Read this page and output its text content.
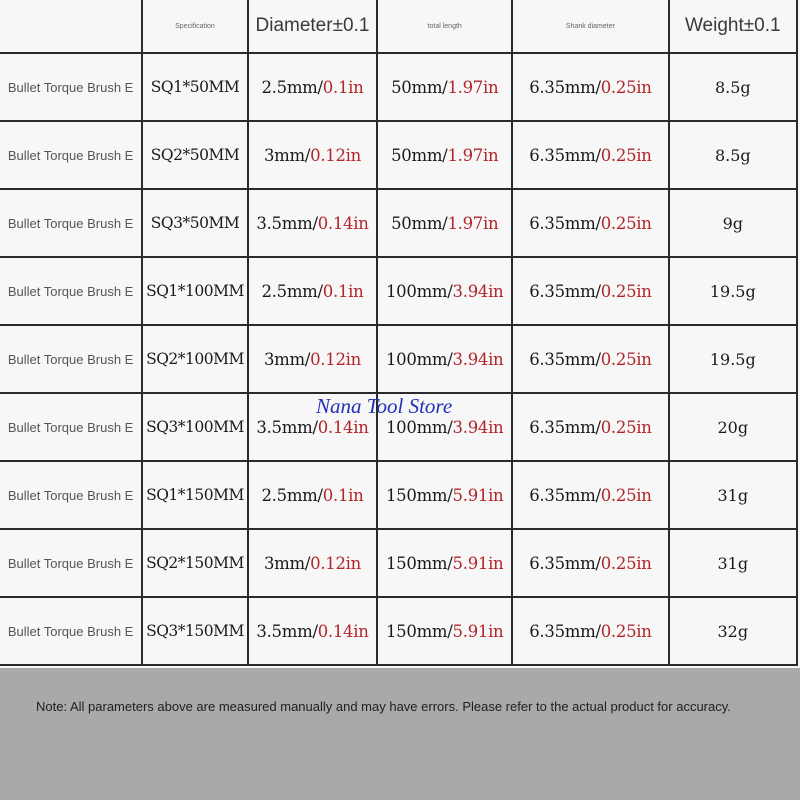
	Specification	Diameter±0.1	total length	Shank diameter	Weight±0.1
Bullet Torque Brush E	SQ1*50MM	2.5mm/0.1in	50mm/1.97in	6.35mm/0.25in	8.5g
Bullet Torque Brush E	SQ2*50MM	3mm/0.12in	50mm/1.97in	6.35mm/0.25in	8.5g
Bullet Torque Brush E	SQ3*50MM	3.5mm/0.14in	50mm/1.97in	6.35mm/0.25in	9g
Bullet Torque Brush E	SQ1*100MM	2.5mm/0.1in	100mm/3.94in	6.35mm/0.25in	19.5g
Bullet Torque Brush E	SQ2*100MM	3mm/0.12in	100mm/3.94in	6.35mm/0.25in	19.5g
Bullet Torque Brush E	SQ3*100MM	3.5mm/0.14in	100mm/3.94in	6.35mm/0.25in	20g
Bullet Torque Brush E	SQ1*150MM	2.5mm/0.1in	150mm/5.91in	6.35mm/0.25in	31g
Bullet Torque Brush E	SQ2*150MM	3mm/0.12in	150mm/5.91in	6.35mm/0.25in	31g
Bullet Torque Brush E	SQ3*150MM	3.5mm/0.14in	150mm/5.91in	6.35mm/0.25in	32g
Nana Tool Store
Note: All parameters above are measured manually and may have errors. Please refer to the actual product for accuracy.
